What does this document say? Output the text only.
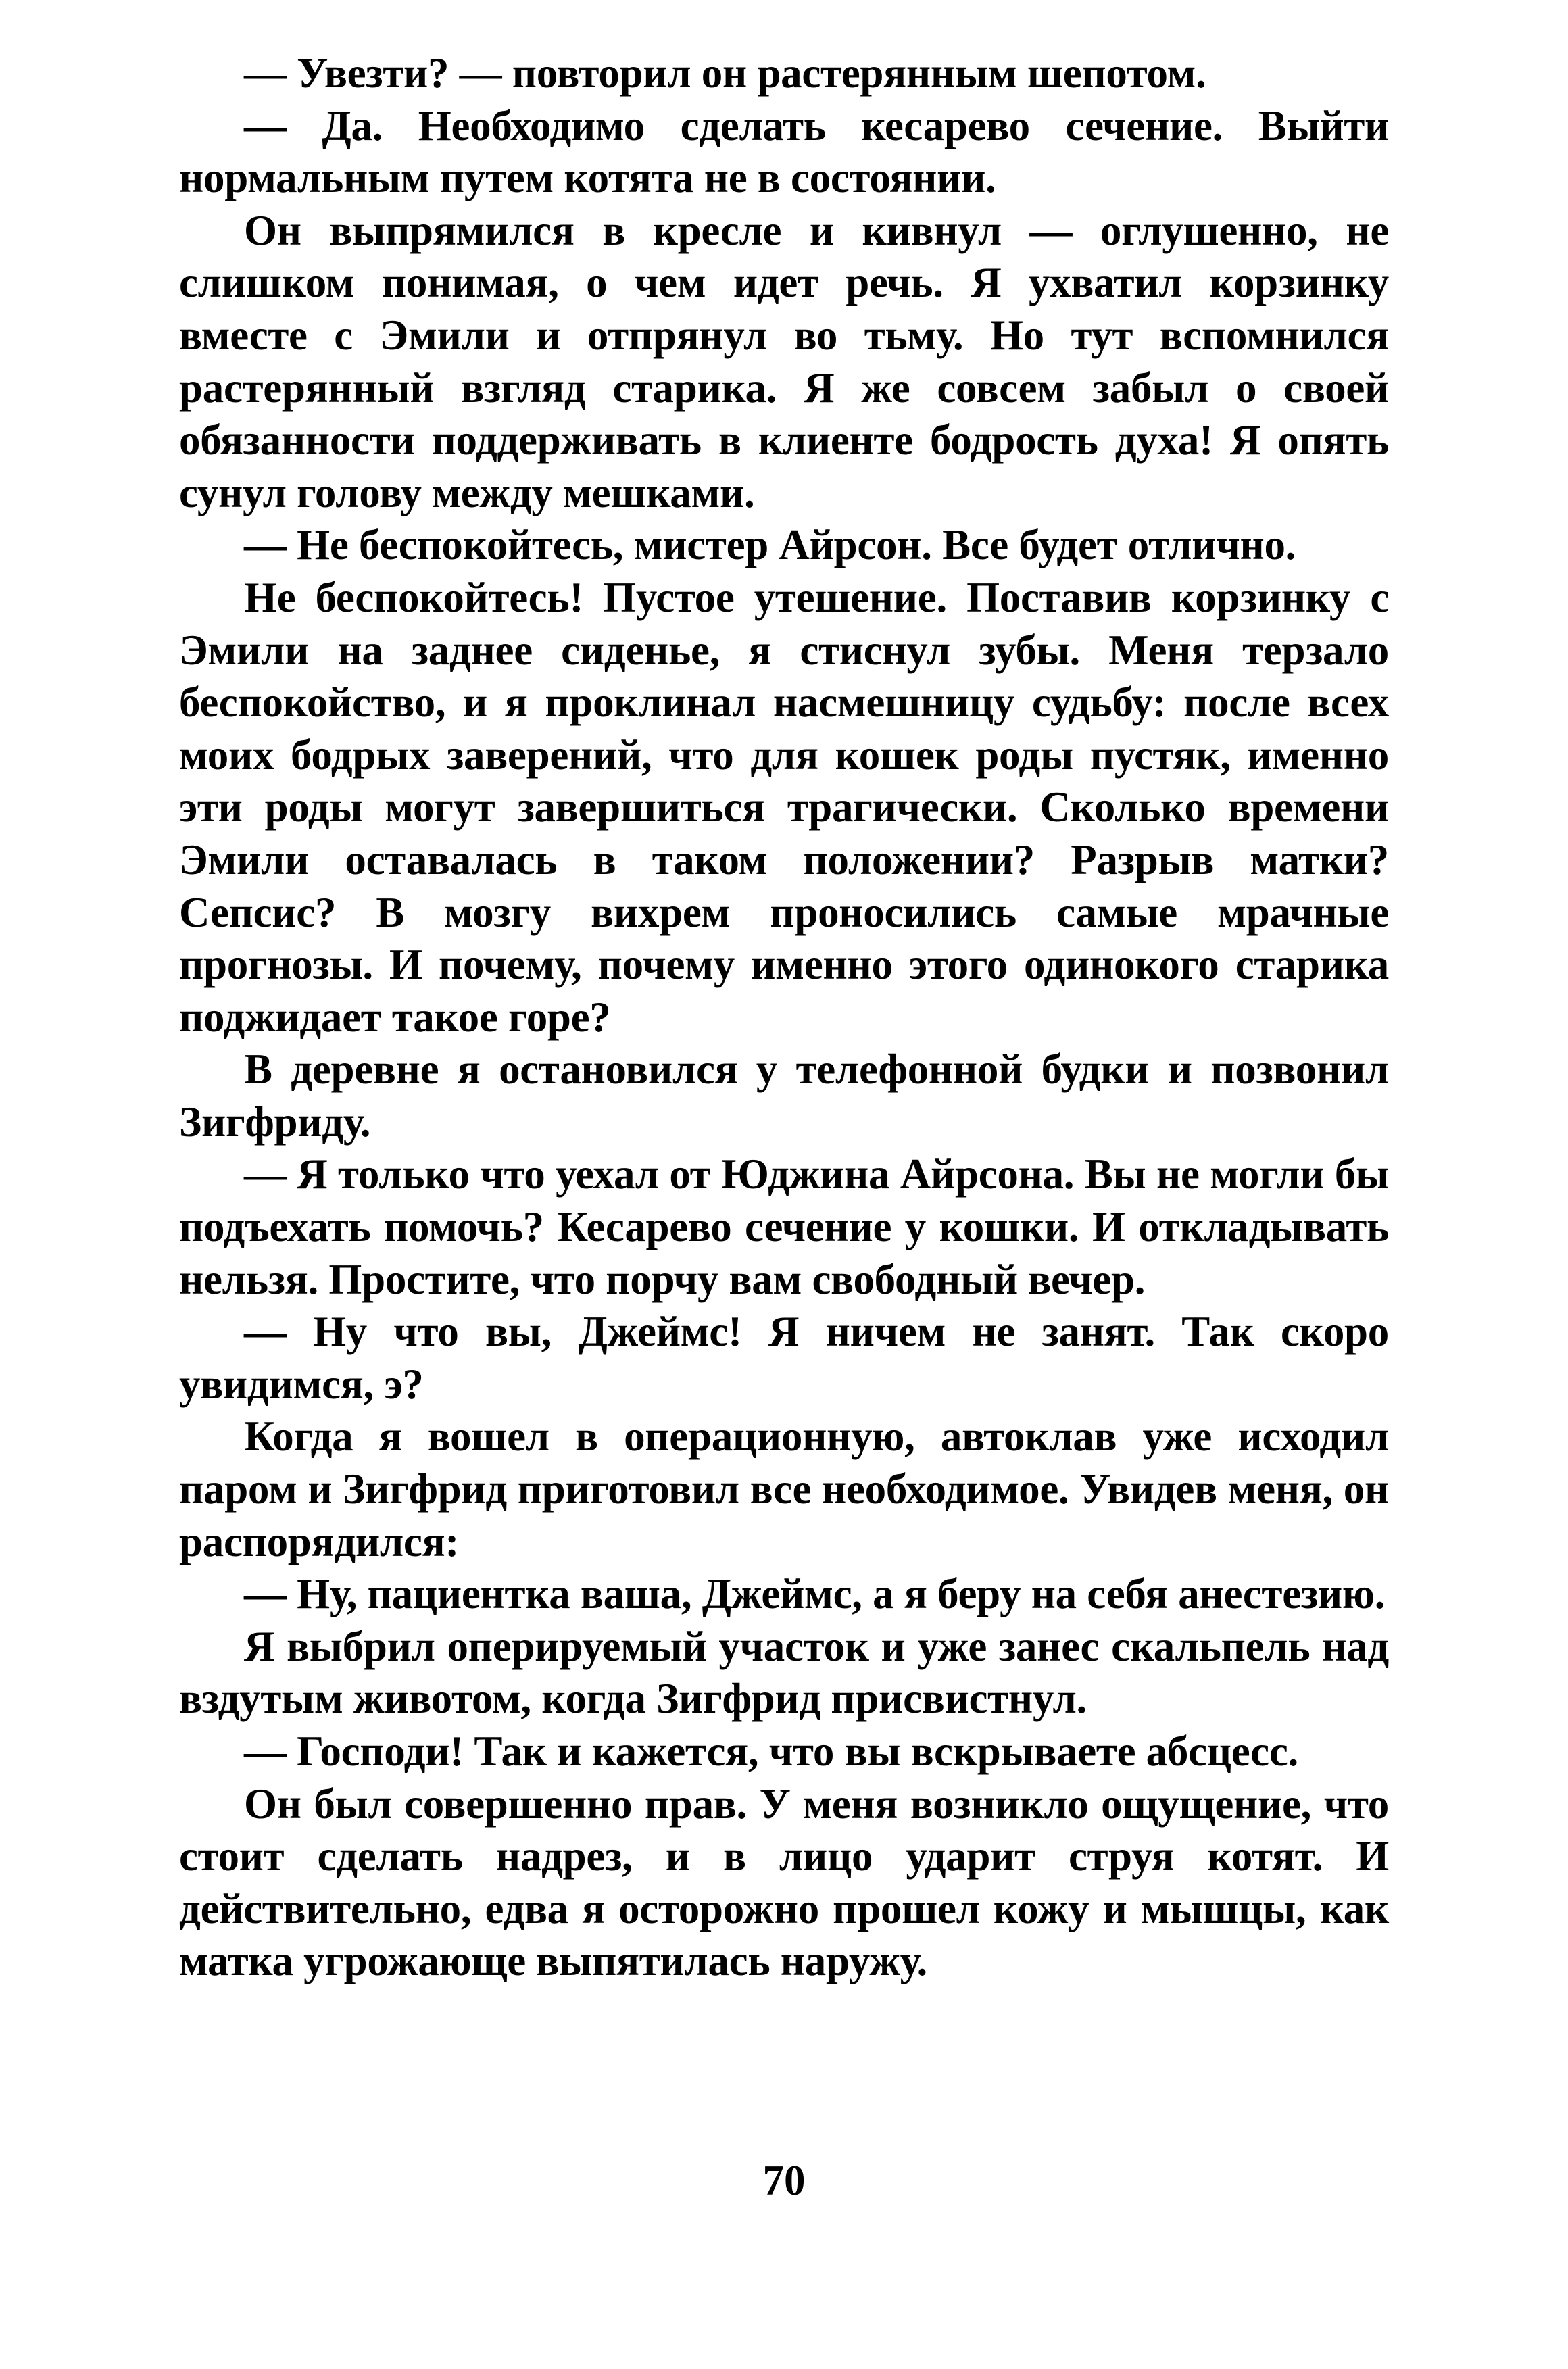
— Увезти? — повторил он растерянным шепотом.

— Да. Необходимо сделать кесарево сечение. Выйти нормальным путем котята не в состоянии.

Он выпрямился в кресле и кивнул — оглушенно, не слишком понимая, о чем идет речь. Я ухватил корзинку вместе с Эмили и отпрянул во тьму. Но тут вспомнился растерянный взгляд старика. Я же совсем забыл о своей обязанности поддерживать в клиенте бодрость духа! Я опять сунул голову между мешками.

— Не беспокойтесь, мистер Айрсон. Все будет отлично.

Не беспокойтесь! Пустое утешение. Поставив корзинку с Эмили на заднее сиденье, я стиснул зубы. Меня терзало беспокойство, и я проклинал насмешницу судьбу: после всех моих бодрых заверений, что для кошек роды пустяк, именно эти роды могут завершиться трагически. Сколько времени Эмили оставалась в таком положении? Разрыв матки? Сепсис? В мозгу вихрем проносились самые мрачные прогнозы. И почему, почему именно этого одинокого старика поджидает такое горе?

В деревне я остановился у телефонной будки и позвонил Зигфриду.

— Я только что уехал от Юджина Айрсона. Вы не могли бы подъехать помочь? Кесарево сечение у кошки. И откладывать нельзя. Простите, что порчу вам свободный вечер.

— Ну что вы, Джеймс! Я ничем не занят. Так скоро увидимся, э?

Когда я вошел в операционную, автоклав уже исходил паром и Зигфрид приготовил все необходимое. Увидев меня, он распорядился:

— Ну, пациентка ваша, Джеймс, а я беру на себя анестезию.

Я выбрил оперируемый участок и уже занес скальпель над вздутым животом, когда Зигфрид присвистнул.

— Господи! Так и кажется, что вы вскрываете абсцесс.

Он был совершенно прав. У меня возникло ощущение, что стоит сделать надрез, и в лицо ударит струя котят. И действительно, едва я осторожно прошел кожу и мышцы, как матка угрожающе выпятилась наружу.

70
